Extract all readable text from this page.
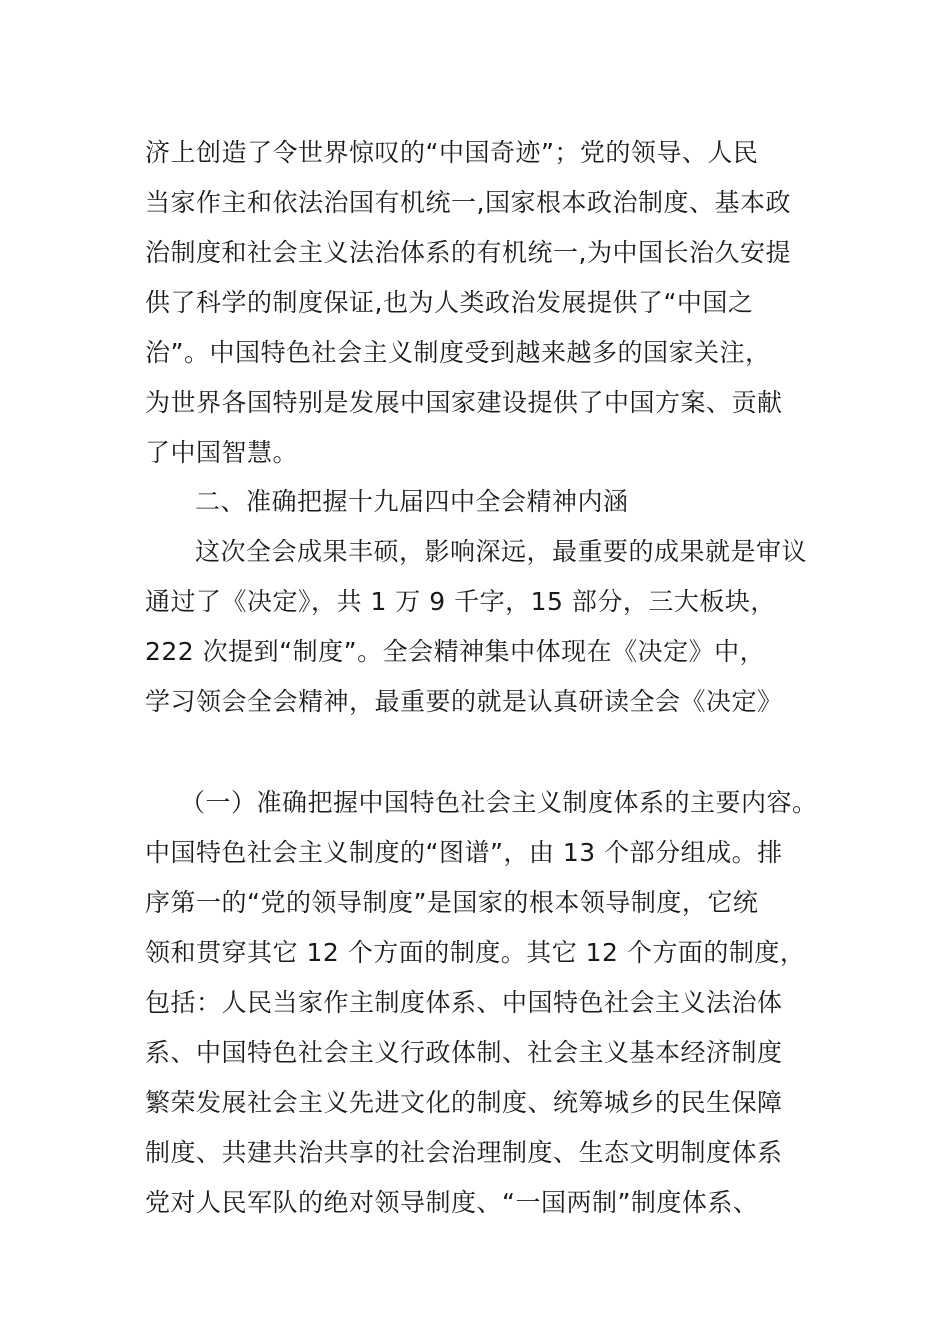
济上创造了令世界惊叹的“中国奇迹”；党的领导、人民
当家作主和依法治国有机统一,国家根本政治制度、基本政
治制度和社会主义法治体系的有机统一,为中国长治久安提
供了科学的制度保证,也为人类政治发展提供了“中国之
治”。中国特色社会主义制度受到越来越多的国家关注，
为世界各国特别是发展中国家建设提供了中国方案、贡献
了中国智慧。
二、准确把握十九届四中全会精神内涵
这次全会成果丰硕，影响深远，最重要的成果就是审议
通过了《决定》，共 1 万 9 千字，15 部分，三大板块，
222 次提到“制度”。全会精神集中体现在《决定》中，
学习领会全会精神，最重要的就是认真研读全会《决定》
（一）准确把握中国特色社会主义制度体系的主要内容。
中国特色社会主义制度的“图谱”，由 13 个部分组成。排
序第一的“党的领导制度”是国家的根本领导制度，它统
领和贯穿其它 12 个方面的制度。其它 12 个方面的制度，
包括：人民当家作主制度体系、中国特色社会主义法治体
系、中国特色社会主义行政体制、社会主义基本经济制度
繁荣发展社会主义先进文化的制度、统筹城乡的民生保障
制度、共建共治共享的社会治理制度、生态文明制度体系
党对人民军队的绝对领导制度、“一国两制”制度体系、
